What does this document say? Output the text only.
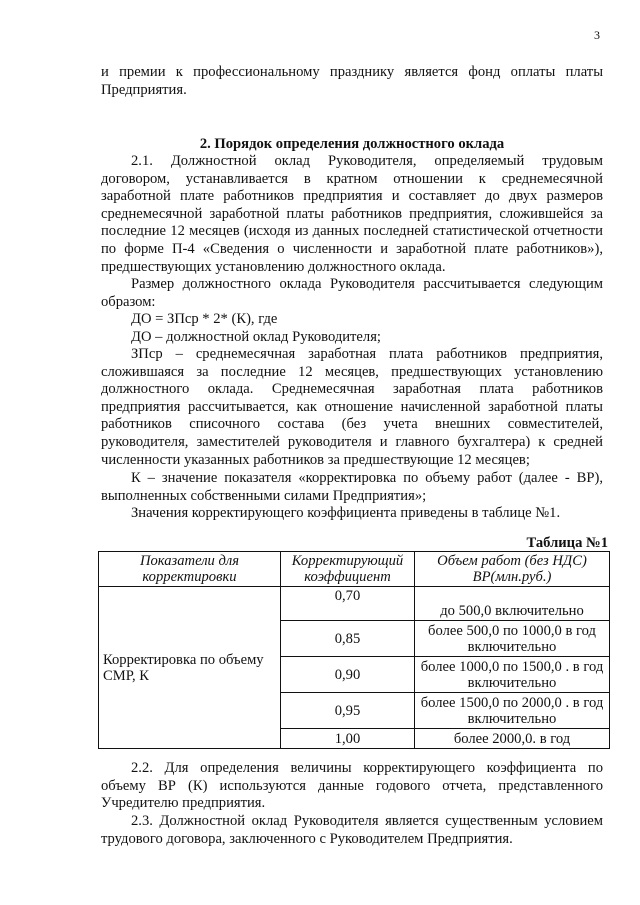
3

и премии к профессиональному празднику является фонд оплаты платы Предприятия.

2. Порядок определения должностного оклада

2.1. Должностной оклад Руководителя, определяемый трудовым договором, устанавливается в кратном отношении к среднемесячной заработной плате работников предприятия и составляет до двух размеров среднемесячной заработной платы работников предприятия, сложившейся за последние 12 месяцев (исходя из данных последней статистической отчетности по форме П-4 «Сведения о численности и заработной плате работников»), предшествующих установлению должностного оклада.

Размер должностного оклада Руководителя рассчитывается следующим образом:

ДО = ЗПср * 2* (К), где

ДО – должностной оклад Руководителя;

ЗПср – среднемесячная заработная плата работников предприятия, сложившаяся за последние 12 месяцев, предшествующих установлению должностного оклада. Среднемесячная заработная плата работников предприятия рассчитывается, как отношение начисленной заработной платы работников списочного состава (без учета внешних совместителей, руководителя, заместителей руководителя и главного бухгалтера) к средней численности указанных работников за предшествующие 12 месяцев;

К – значение показателя «корректировка по объему работ (далее - ВР), выполненных собственными силами Предприятия»;

Значения корректирующего коэффициента приведены в таблице №1.

Таблица №1
Показатели для корректировки	Корректирующий коэффициент	Объем работ (без НДС) ВР(млн.руб.)
Корректировка по объему СМР, К	0,70	до 500,0 включительно
	0,85	более 500,0 по 1000,0 в год включительно
	0,90	более 1000,0 по 1500,0 . в год включительно
	0,95	более 1500,0 по 2000,0 . в год включительно
	1,00	более 2000,0. в год

2.2. Для определения величины корректирующего коэффициента по объему ВР (К) используются данные годового отчета, представленного Учредителю предприятия.

2.3. Должностной оклад Руководителя является существенным условием трудового договора, заключенного с Руководителем Предприятия.
